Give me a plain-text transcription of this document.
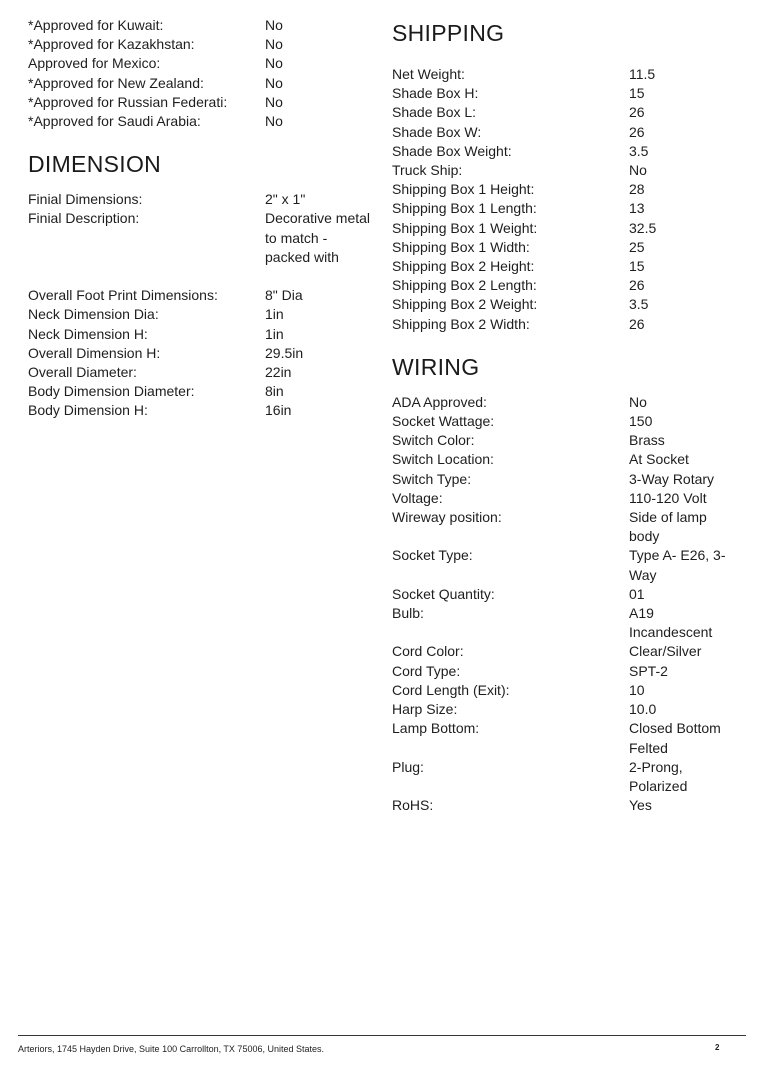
*Approved for Kuwait:	No
*Approved for Kazakhstan:	No
Approved for Mexico:	No
*Approved for New Zealand:	No
*Approved for Russian Federati:	No
*Approved for Saudi Arabia:	No
DIMENSION
Finial Dimensions:	2" x 1"
Finial Description:	Decorative metal to match - packed with
Overall Foot Print Dimensions:	8" Dia
Neck Dimension Dia:	1in
Neck Dimension H:	1in
Overall Dimension H:	29.5in
Overall Diameter:	22in
Body Dimension Diameter:	8in
Body Dimension H:	16in
SHIPPING
Net Weight:	11.5
Shade Box H:	15
Shade Box L:	26
Shade Box W:	26
Shade Box Weight:	3.5
Truck Ship:	No
Shipping Box 1 Height:	28
Shipping Box 1 Length:	13
Shipping Box 1 Weight:	32.5
Shipping Box 1 Width:	25
Shipping Box 2 Height:	15
Shipping Box 2 Length:	26
Shipping Box 2 Weight:	3.5
Shipping Box 2 Width:	26
WIRING
ADA Approved:	No
Socket Wattage:	150
Switch Color:	Brass
Switch Location:	At Socket
Switch Type:	3-Way Rotary
Voltage:	110-120 Volt
Wireway position:	Side of lamp body
Socket Type:	Type A- E26, 3-Way
Socket Quantity:	01
Bulb:	A19 Incandescent
Cord Color:	Clear/Silver
Cord Type:	SPT-2
Cord Length (Exit):	10
Harp Size:	10.0
Lamp Bottom:	Closed Bottom Felted
Plug:	2-Prong, Polarized
RoHS:	Yes
Arteriors, 1745 Hayden Drive, Suite 100 Carrollton, TX 75006, United States.	2
